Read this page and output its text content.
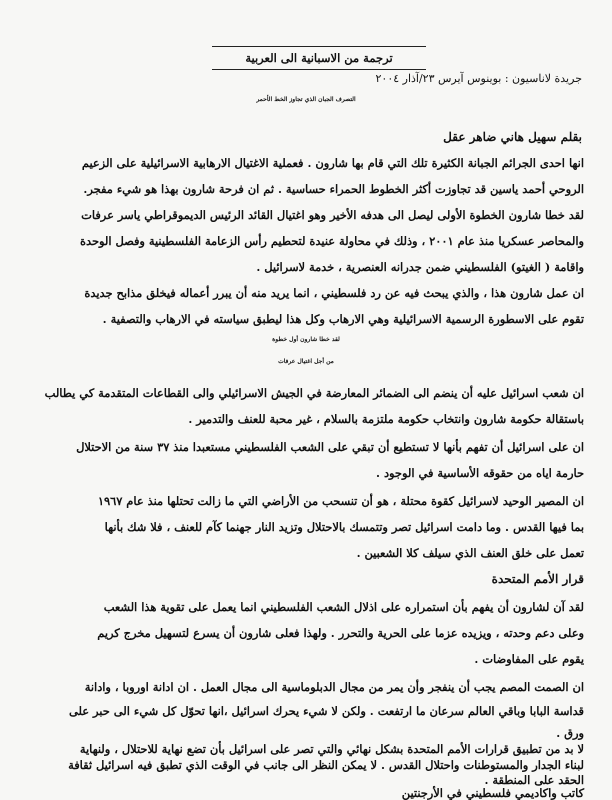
ترجمة من الاسبانية الى العربية
جريدة لاناسيون : بوينوس آيرس ٢٣/آذار ٢٠٠٤
التصرف الجبان الذي تجاوز الخط الأحمر
بقلم سهيل هاني ضاهر عقل
انها احدى الجرائم الجبانة الكثيرة تلك التي قام بها شارون . فعملية الاغتيال الارهابية الاسرائيلية على الزعيم
الروحي أحمد ياسين قد تجاوزت أكثر الخطوط الحمراء حساسية . ثم ان فرحة شارون بهذا هو شيء مفجر.
لقد خطا شارون الخطوة الأولى ليصل الى هدفه الأخير وهو اغتيال القائد الرئيس الديموقراطي ياسر عرفات
والمحاصر عسكريا منذ عام ٢٠٠١ ، وذلك في محاولة عنيدة لتحطيم رأس الزعامة الفلسطينية وفصل الوحدة
واقامة ( الغيتو) الفلسطيني ضمن جدرانه العنصرية ، خدمة لاسرائيل .
ان عمل شارون هذا ، والذي يبحث فيه عن رد فلسطيني ، انما يريد منه أن يبرر أعماله فيخلق مذابح جديدة
تقوم على الاسطورة الرسمية الاسرائيلية وهي الارهاب وكل هذا ليطبق سياسته في الارهاب والتصفية .
لقد خطا شارون أول خطوة
من أجل اغتيال عرفات
ان شعب اسرائيل عليه أن ينضم الى الضمائر المعارضة في الجيش الاسرائيلي والى القطاعات المتقدمة كي يطالب
باستقالة حكومة شارون وانتخاب حكومة ملتزمة بالسلام ، غير محبة للعنف والتدمير .
ان على اسرائيل أن تفهم بأنها لا تستطيع أن تبقي على الشعب الفلسطيني مستعبدا منذ ٣٧ سنة من الاحتلال
حارمة اياه من حقوقه الأساسية في الوجود .
ان المصير الوحيد لاسرائيل كقوة محتلة ، هو أن تنسحب من الأراضي التي ما زالت تحتلها منذ عام ١٩٦٧
بما فيها القدس . وما دامت اسرائيل تصر وتتمسك بالاحتلال وتزيد النار جهنما كآم للعنف ، فلا شك بأنها
تعمل على خلق العنف الذي سيلف كلا الشعبين .
قرار الأمم المتحدة
لقد آن لشارون أن يفهم بأن استمراره على اذلال الشعب الفلسطيني انما يعمل على تقوية هذا الشعب
وعلى دعم وحدته ، ويزيده عزما على الحرية والتحرر . ولهذا فعلى شارون أن يسرع لتسهيل مخرج كريم
يقوم على المفاوضات .
ان الصمت المصم يجب أن ينفجر وأن يمر من مجال الدبلوماسية الى مجال العمل . ان ادانة اوروبا ، وادانة
قداسة البابا وباقي العالم سرعان ما ارتفعت . ولكن لا شيء يحرك اسرائيل ،انها تحوّل كل شيء الى حبر على
ورق .
لا بد من تطبيق قرارات الأمم المتحدة بشكل نهائي والتي تصر على اسرائيل بأن تضع نهاية للاحتلال ، ولنهاية
لبناء الجدار والمستوطنات واحتلال القدس . لا يمكن النظر الى جانب في الوقت الذي تطبق فيه اسرائيل ثقافة
الحقد على المنطقة .
كاتب واكاديمي فلسطيني في الأرجنتين
